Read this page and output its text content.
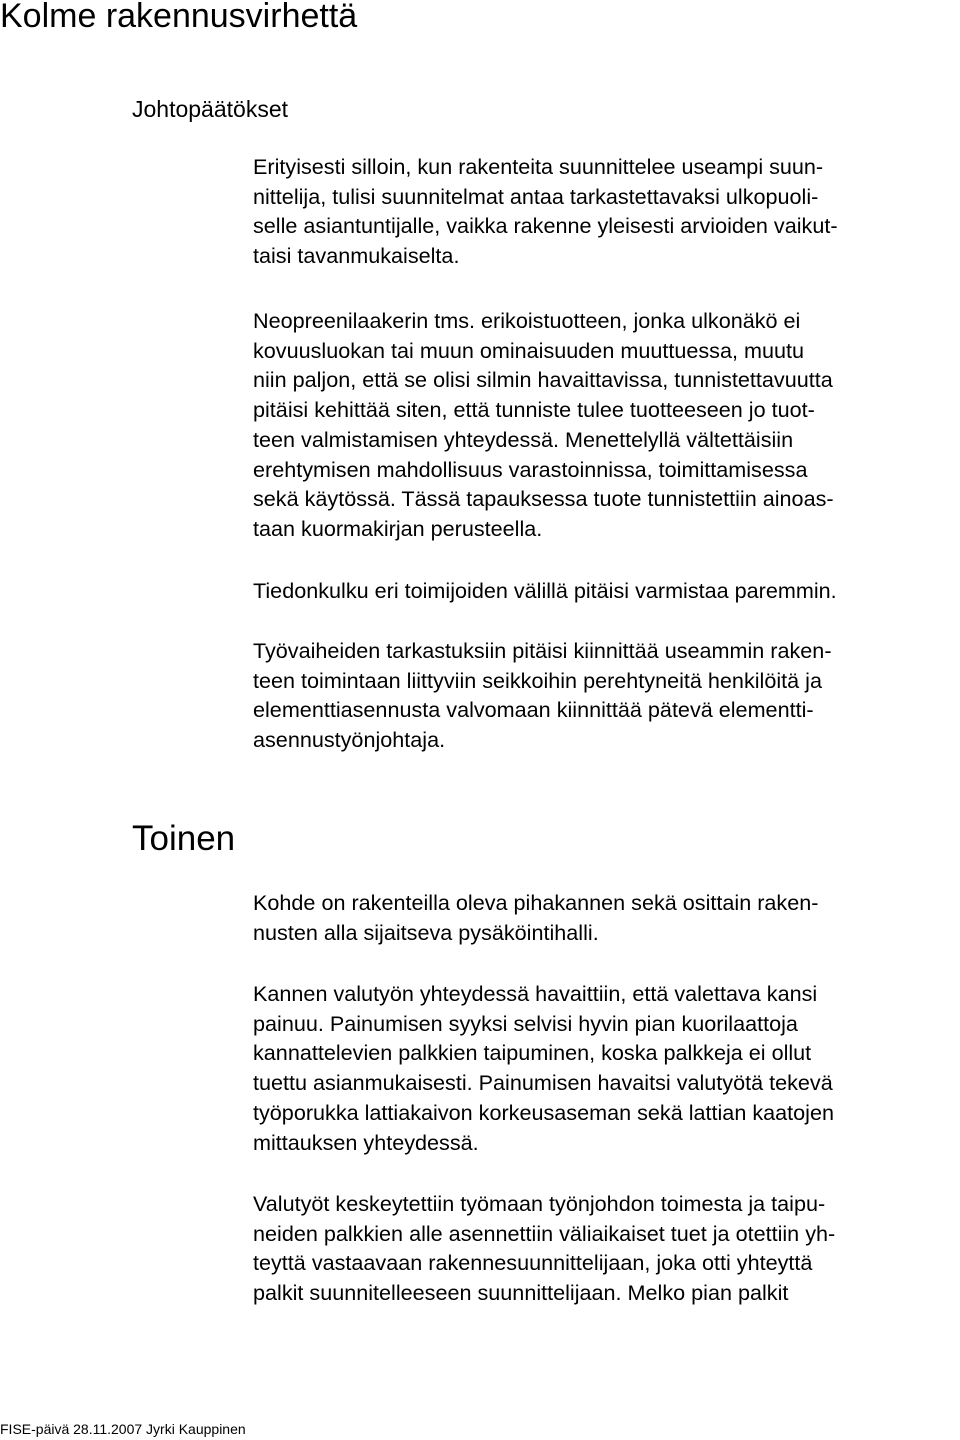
Kolme rakennusvirhettä
Johtopäätökset

Erityisesti silloin, kun rakenteita suunnittelee useampi suun-
nittelija, tulisi suunnitelmat antaa tarkastettavaksi ulkopuoli-
selle asiantuntijalle, vaikka rakenne yleisesti arvioiden vaikut-
taisi tavanmukaiselta.

Neopreenilaakerin tms. erikoistuotteen, jonka ulkonäkö ei
kovuusluokan tai muun ominaisuuden muuttuessa, muutu
niin paljon, että se olisi silmin havaittavissa, tunnistettavuutta
pitäisi kehittää siten, että tunniste tulee tuotteeseen jo tuot-
teen valmistamisen yhteydessä. Menettelyllä vältettäisiin
erehtymisen mahdollisuus varastoinnissa, toimittamisessa
sekä käytössä. Tässä tapauksessa tuote tunnistettiin ainoas-
taan kuormakirjan perusteella.

Tiedonkulku eri toimijoiden välillä pitäisi varmistaa paremmin.

Työvaiheiden tarkastuksiin pitäisi kiinnittää useammin raken-
teen toimintaan liittyviin seikkoihin perehtyneitä henkilöitä ja
elementtiasennusta valvomaan kiinnittää pätevä elementti-
asennustyönjohtaja.

Toinen

Kohde on rakenteilla oleva pihakannen sekä osittain raken-
nusten alla sijaitseva pysäköintihalli.

Kannen valutyön yhteydessä havaittiin, että valettava kansi
painuu. Painumisen syyksi selvisi hyvin pian kuorilaattoja
kannattelevien palkkien taipuminen, koska palkkeja ei ollut
tuettu asianmukaisesti. Painumisen havaitsi valutyötä tekevä
työporukka lattiakaivon korkeusaseman sekä lattian kaatojen
mittauksen yhteydessä.

Valutyöt keskeytettiin työmaan työnjohdon toimesta ja taipu-
neiden palkkien alle asennettiin väliaikaiset tuet ja otettiin yh-
teyttä vastaavaan rakennesuunnittelijaan, joka otti yhteyttä
palkit suunnitelleeseen suunnittelijaan. Melko pian palkit

FISE-päivä 28.11.2007 Jyrki Kauppinen
